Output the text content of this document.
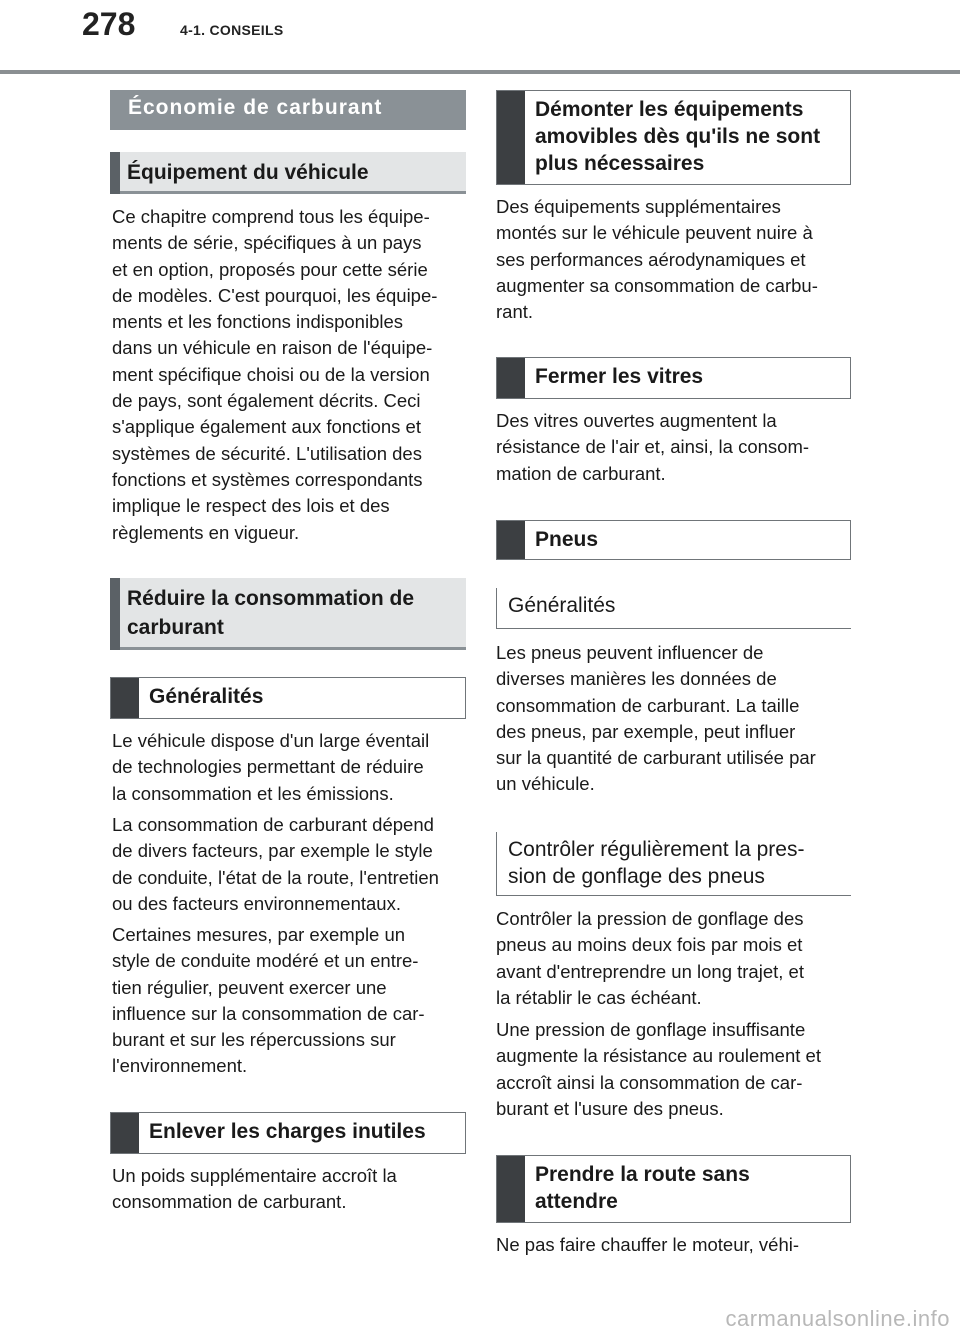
278	4-1. CONSEILS
Économie de carburant
Équipement du véhicule

Ce chapitre comprend tous les équipe-
ments de série, spécifiques à un pays
et en option, proposés pour cette série
de modèles. C'est pourquoi, les équipe-
ments et les fonctions indisponibles
dans un véhicule en raison de l'équipe-
ment spécifique choisi ou de la version
de pays, sont également décrits. Ceci
s'applique également aux fonctions et
systèmes de sécurité. L'utilisation des
fonctions et systèmes correspondants
implique le respect des lois et des
règlements en vigueur.

Réduire la consommation de
carburant
Généralités

Le véhicule dispose d'un large éventail
de technologies permettant de réduire
la consommation et les émissions.

La consommation de carburant dépend
de divers facteurs, par exemple le style
de conduite, l'état de la route, l'entretien
ou des facteurs environnementaux.

Certaines mesures, par exemple un
style de conduite modéré et un entre-
tien régulier, peuvent exercer une
influence sur la consommation de car-
burant et sur les répercussions sur
l'environnement.

Enlever les charges inutiles

Un poids supplémentaire accroît la
consommation de carburant.

Démonter les équipements
amovibles dès qu'ils ne sont
plus nécessaires

Des équipements supplémentaires
montés sur le véhicule peuvent nuire à
ses performances aérodynamiques et
augmenter sa consommation de carbu-
rant.

Fermer les vitres

Des vitres ouvertes augmentent la
résistance de l'air et, ainsi, la consom-
mation de carburant.

Pneus
Généralités

Les pneus peuvent influencer de
diverses manières les données de
consommation de carburant. La taille
des pneus, par exemple, peut influer
sur la quantité de carburant utilisée par
un véhicule.

Contrôler régulièrement la pres-
sion de gonflage des pneus

Contrôler la pression de gonflage des
pneus au moins deux fois par mois et
avant d'entreprendre un long trajet, et
la rétablir le cas échéant.

Une pression de gonflage insuffisante
augmente la résistance au roulement et
accroît ainsi la consommation de car-
burant et l'usure des pneus.

Prendre la route sans
attendre

Ne pas faire chauffer le moteur, véhi-

carmanualsonline.info
